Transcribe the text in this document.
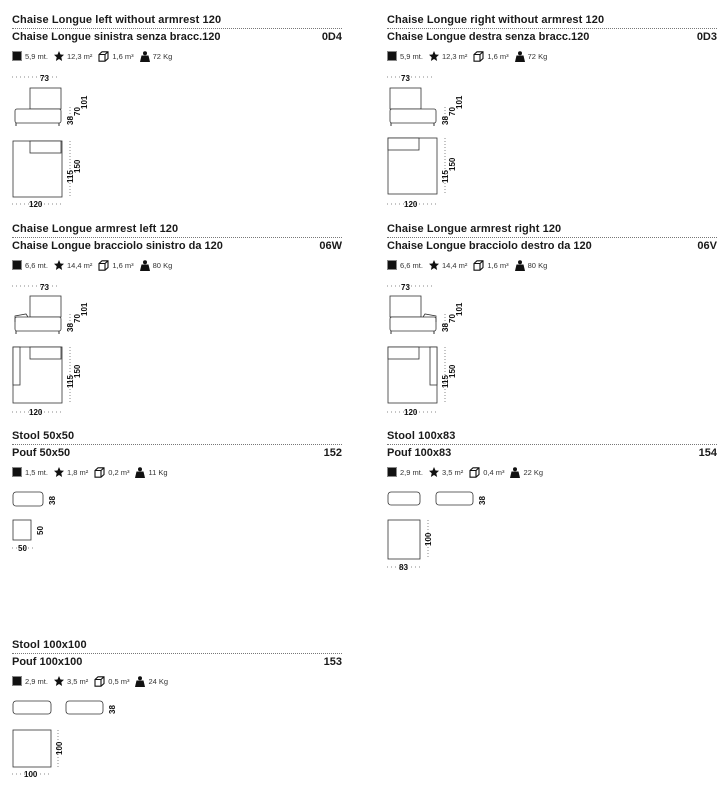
Chaise Longue left without armrest 120
Chaise Longue sinistra senza bracc.120	0D4
5,9 mt.	12,3 m²	1,6 m³	72 Kg
73
38
70
101
115
150
120
Chaise Longue right without armrest 120
Chaise Longue destra senza bracc.120	0D3
5,9 mt.	12,3 m²	1,6 m³	72 Kg
73
38
70
101
115
150
120
Chaise Longue armrest left 120
Chaise Longue bracciolo sinistro da 120	06W
6,6 mt.	14,4 m²	1,6 m³	80 Kg
73
38
70
101
115
150
120
Chaise Longue armrest right 120
Chaise Longue bracciolo destro da 120	06V
6,6 mt.	14,4 m²	1,6 m³	80 Kg
73
38
70
101
115
150
120
Stool 50x50
Pouf 50x50	152
1,5 mt.	1,8 m²	0,2 m³	11 Kg
38
50
50
Stool 100x83
Pouf 100x83	154
2,9 mt.	3,5 m²	0,4 m³	22 Kg
38
100
83
Stool 100x100
Pouf 100x100	153
2,9 mt.	3,5 m²	0,5 m³	24 Kg
38
100
100
